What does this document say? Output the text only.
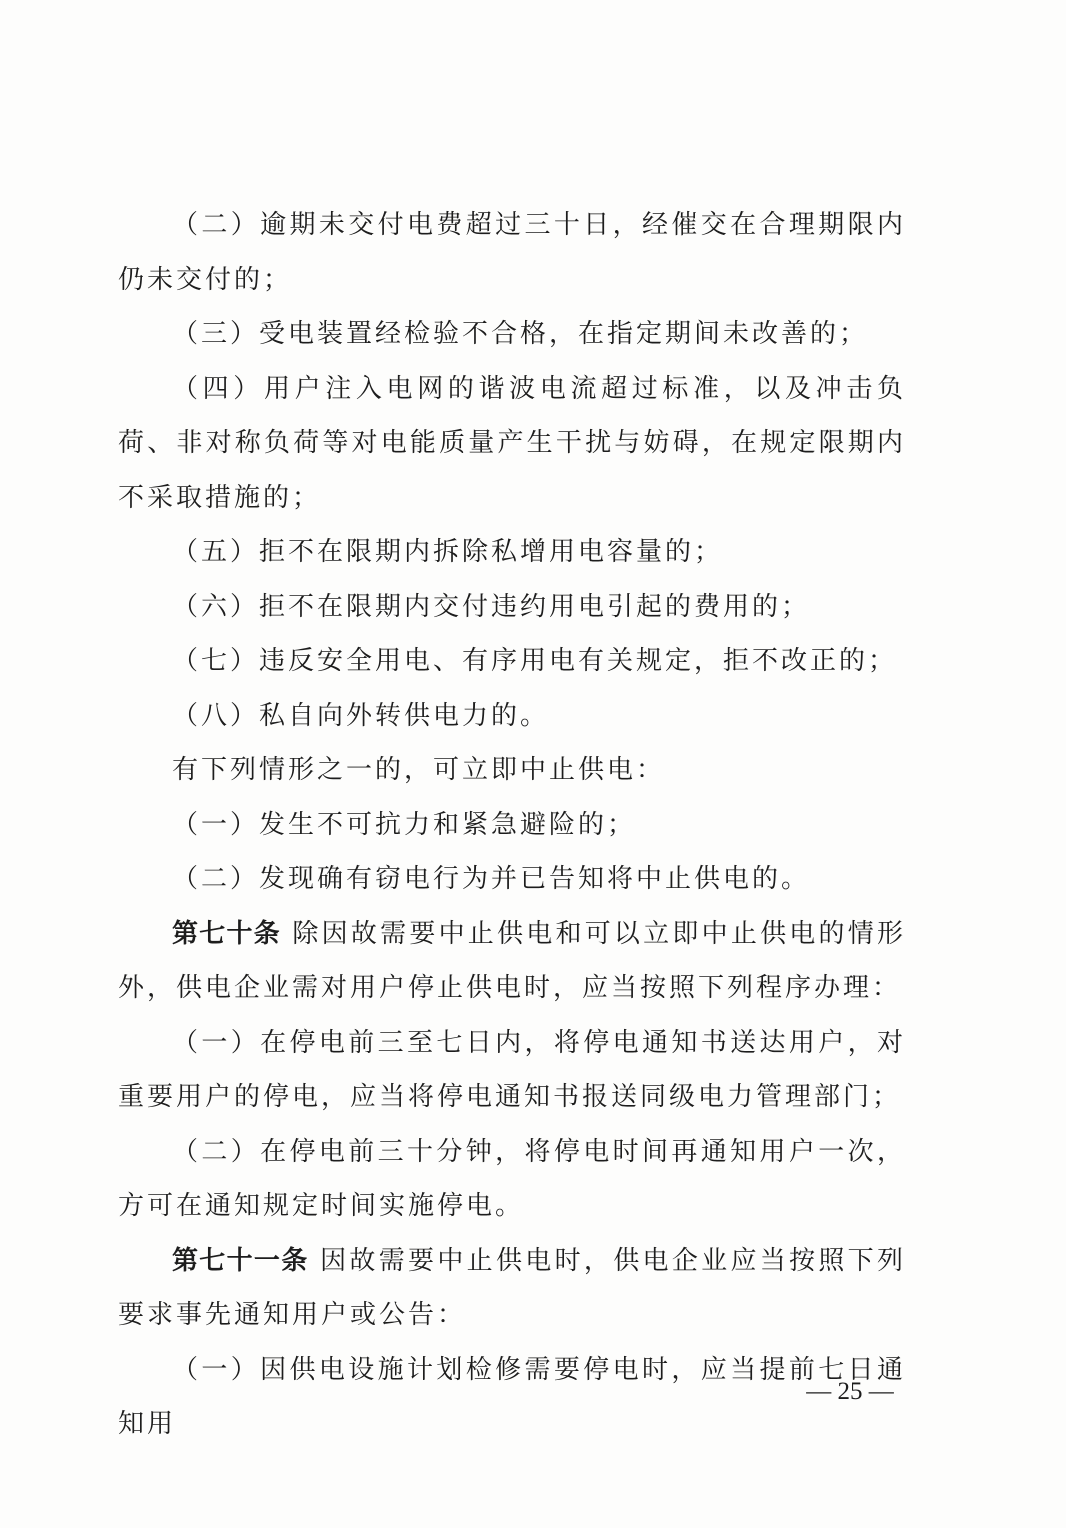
（二）逾期未交付电费超过三十日，经催交在合理期限内仍未交付的；

（三）受电装置经检验不合格，在指定期间未改善的；

（四）用户注入电网的谐波电流超过标准，以及冲击负荷、非对称负荷等对电能质量产生干扰与妨碍，在规定限期内不采取措施的；

（五）拒不在限期内拆除私增用电容量的；

（六）拒不在限期内交付违约用电引起的费用的；

（七）违反安全用电、有序用电有关规定，拒不改正的；

（八）私自向外转供电力的。

有下列情形之一的，可立即中止供电：

（一）发生不可抗力和紧急避险的；

（二）发现确有窃电行为并已告知将中止供电的。

第七十条 除因故需要中止供电和可以立即中止供电的情形外，供电企业需对用户停止供电时，应当按照下列程序办理：

（一）在停电前三至七日内，将停电通知书送达用户，对重要用户的停电，应当将停电通知书报送同级电力管理部门；

（二）在停电前三十分钟，将停电时间再通知用户一次，方可在通知规定时间实施停电。

第七十一条 因故需要中止供电时，供电企业应当按照下列要求事先通知用户或公告：

（一）因供电设施计划检修需要停电时，应当提前七日通知用

— 25 —
